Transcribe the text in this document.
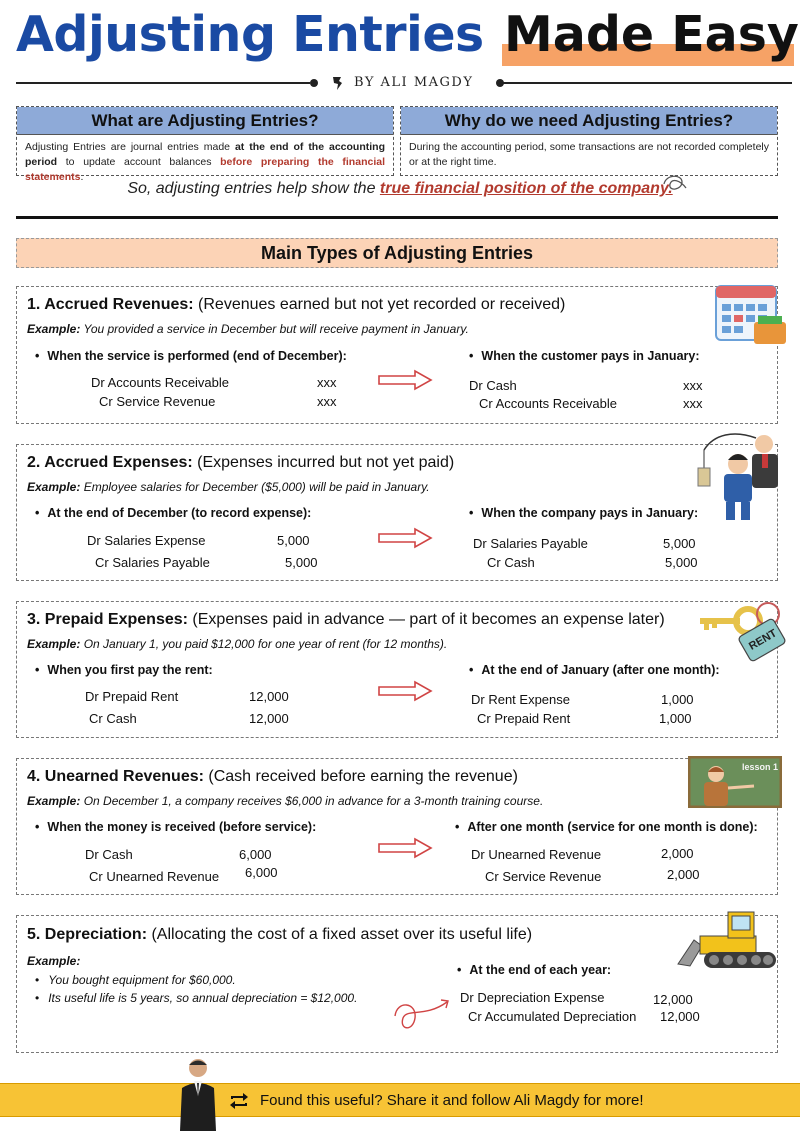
Adjusting Entries Made Easy
BY ALI MAGDY
What are Adjusting Entries?
Adjusting Entries are journal entries made at the end of the accounting period to update account balances before preparing the financial statements.
Why do we need Adjusting Entries?
During the accounting period, some transactions are not recorded completely or at the right time.
So, adjusting entries help show the true financial position of the company.
Main Types of Adjusting Entries
1. Accrued Revenues: (Revenues earned but not yet recorded or received)
Example: You provided a service in December but will receive payment in January.
• When the service is performed (end of December):
Dr Accounts Receivable	xxx
Cr Service Revenue	xxx
• When the customer pays in January:
Dr Cash	xxx
Cr Accounts Receivable	xxx
2. Accrued Expenses: (Expenses incurred but not yet paid)
Example: Employee salaries for December ($5,000) will be paid in January.
• At the end of December (to record expense):
Dr Salaries Expense	5,000
Cr Salaries Payable	5,000
• When the company pays in January:
Dr Salaries Payable	5,000
Cr Cash	5,000
3. Prepaid Expenses: (Expenses paid in advance — part of it becomes an expense later)
Example: On January 1, you paid $12,000 for one year of rent (for 12 months).
• When you first pay the rent:
Dr Prepaid Rent	12,000
Cr Cash	12,000
• At the end of January (after one month):
Dr Rent Expense	1,000
Cr Prepaid Rent	1,000
RENT
4. Unearned Revenues: (Cash received before earning the revenue)
Example: On December 1, a company receives $6,000 in advance for a 3-month training course.
• When the money is received (before service):
Dr Cash	6,000
Cr Unearned Revenue 6,000
• After one month (service for one month is done):
Dr Unearned Revenue	2,000
Cr Service Revenue	2,000
lesson 1
5. Depreciation: (Allocating the cost of a fixed asset over its useful life)
Example:
• You bought equipment for $60,000.
• Its useful life is 5 years, so annual depreciation = $12,000.
• At the end of each year:
Dr Depreciation Expense	12,000
Cr Accumulated Depreciation 12,000
Found this useful? Share it and follow Ali Magdy for more!
